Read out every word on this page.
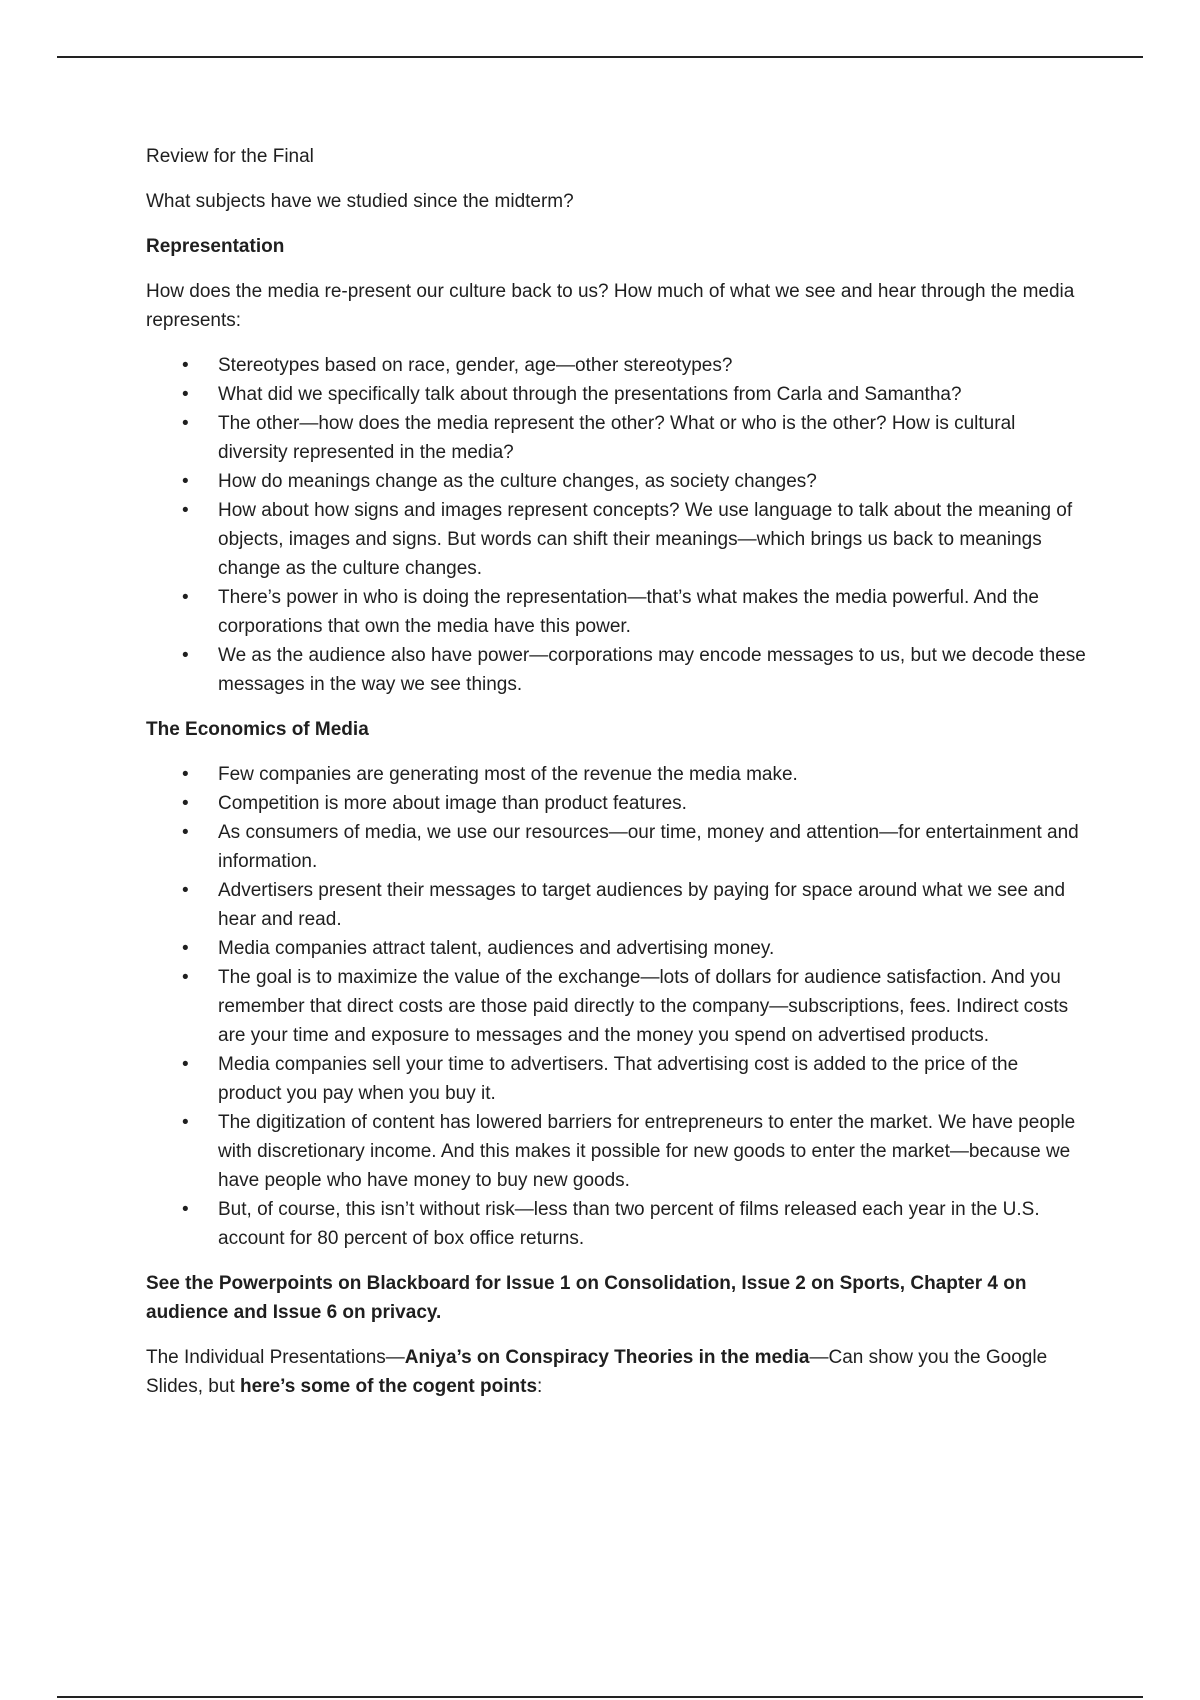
Review for the Final

What subjects have we studied since the midterm?

Representation

How does the media re-present our culture back to us? How much of what we see and hear through the media represents:

• Stereotypes based on race, gender, age—other stereotypes?
• What did we specifically talk about through the presentations from Carla and Samantha?
• The other—how does the media represent the other? What or who is the other? How is cultural diversity represented in the media?
• How do meanings change as the culture changes, as society changes?
• How about how signs and images represent concepts? We use language to talk about the meaning of objects, images and signs. But words can shift their meanings—which brings us back to meanings change as the culture changes.
• There’s power in who is doing the representation—that’s what makes the media powerful. And the corporations that own the media have this power.
• We as the audience also have power—corporations may encode messages to us, but we decode these messages in the way we see things.

The Economics of Media

• Few companies are generating most of the revenue the media make.
• Competition is more about image than product features.
• As consumers of media, we use our resources—our time, money and attention—for entertainment and information.
• Advertisers present their messages to target audiences by paying for space around what we see and hear and read.
• Media companies attract talent, audiences and advertising money.
• The goal is to maximize the value of the exchange—lots of dollars for audience satisfaction. And you remember that direct costs are those paid directly to the company—subscriptions, fees. Indirect costs are your time and exposure to messages and the money you spend on advertised products.
• Media companies sell your time to advertisers. That advertising cost is added to the price of the product you pay when you buy it.
• The digitization of content has lowered barriers for entrepreneurs to enter the market. We have people with discretionary income. And this makes it possible for new goods to enter the market—because we have people who have money to buy new goods.
• But, of course, this isn’t without risk—less than two percent of films released each year in the U.S. account for 80 percent of box office returns.

See the Powerpoints on Blackboard for Issue 1 on Consolidation, Issue 2 on Sports, Chapter 4 on audience and Issue 6 on privacy.

The Individual Presentations—Aniya’s on Conspiracy Theories in the media—Can show you the Google Slides, but here’s some of the cogent points:
